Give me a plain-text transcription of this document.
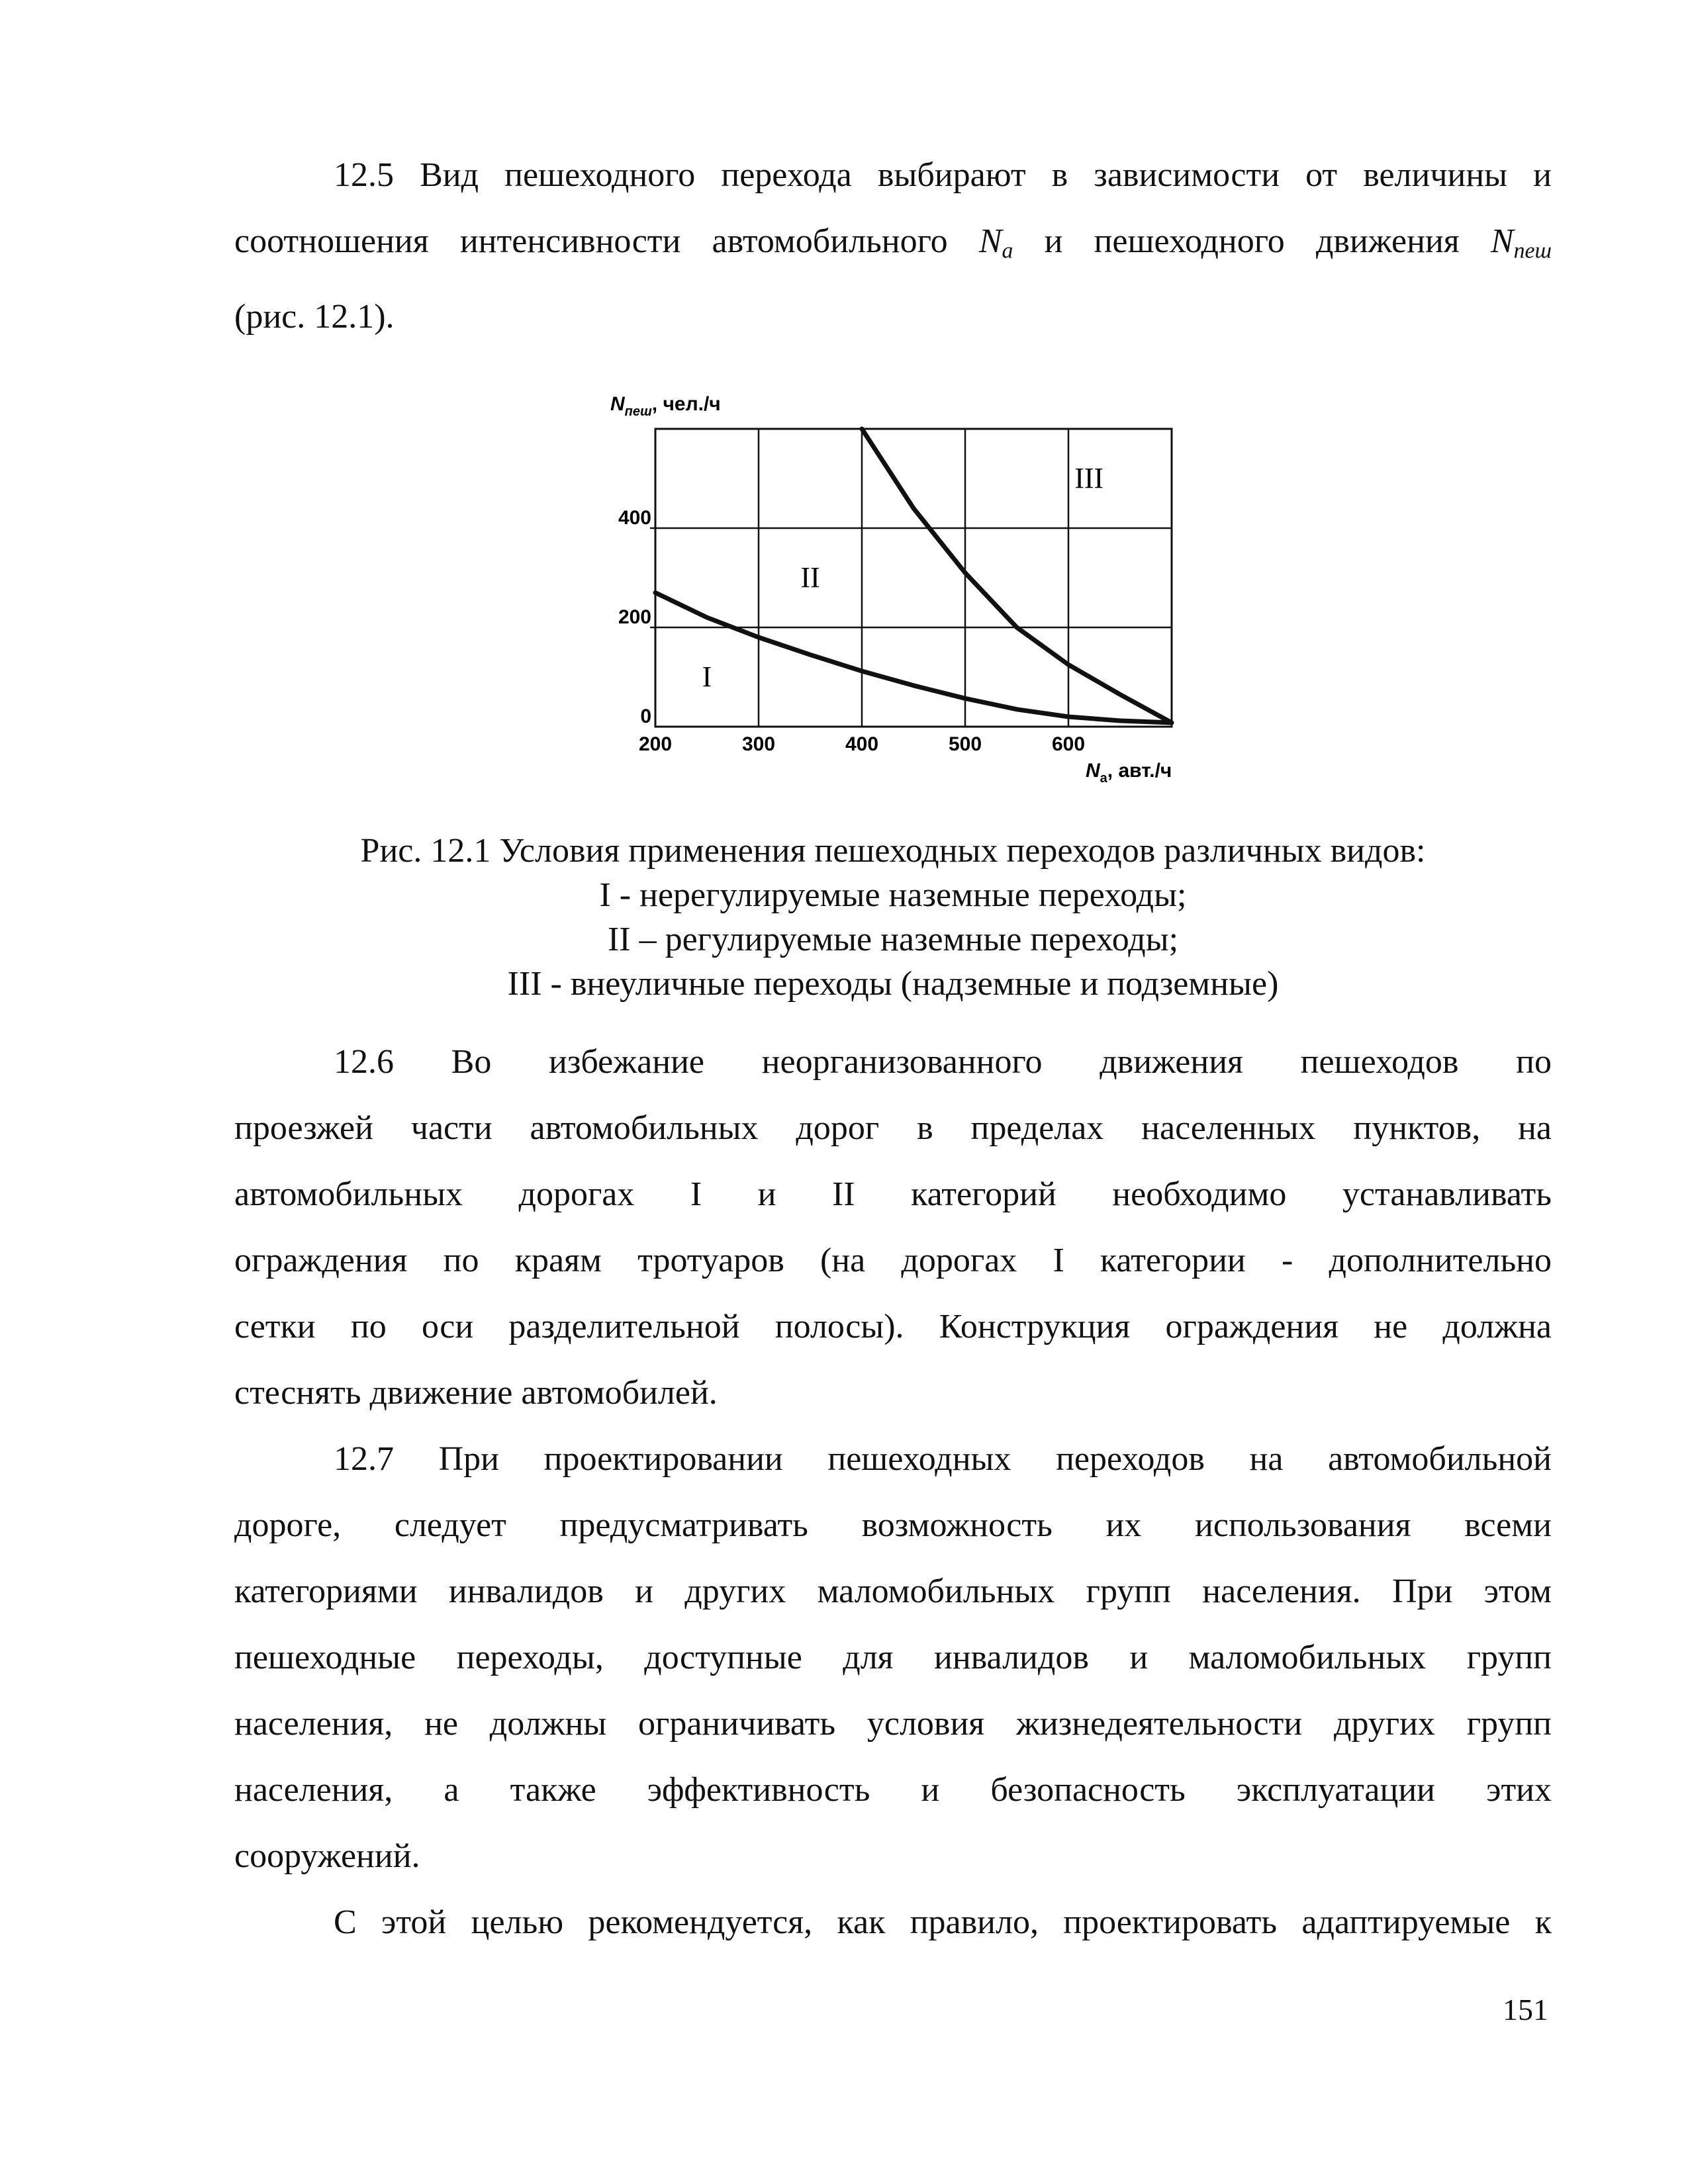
12.5 Вид пешеходного перехода выбирают в зависимости от величины и
соотношения интенсивности автомобильного $N_a$ и пешеходного движения $N_{пеш}$
(рис. 12.1).
$N_{пеш}$, чел./ч
200	300	400	500	600
0
200
400
I
II
III
$N_a$, авт./ч
Рис. 12.1 Условия применения пешеходных переходов различных видов:
I - нерегулируемые наземные переходы;
II – регулируемые наземные переходы;
III - внеуличные переходы (надземные и подземные)
12.6 Во избежание неорганизованного движения пешеходов по
проезжей части автомобильных дорог в пределах населенных пунктов, на
автомобильных дорогах I и II категорий необходимо устанавливать
ограждения по краям тротуаров (на дорогах I категории - дополнительно
сетки по оси разделительной полосы). Конструкция ограждения не должна
стеснять движение автомобилей.
12.7 При проектировании пешеходных переходов на автомобильной
дороге, следует предусматривать возможность их использования всеми
категориями инвалидов и других маломобильных групп населения. При этом
пешеходные переходы, доступные для инвалидов и маломобильных групп
населения, не должны ограничивать условия жизнедеятельности других групп
населения, а также эффективность и безопасность эксплуатации этих
сооружений.
С этой целью рекомендуется, как правило, проектировать адаптируемые к
151
